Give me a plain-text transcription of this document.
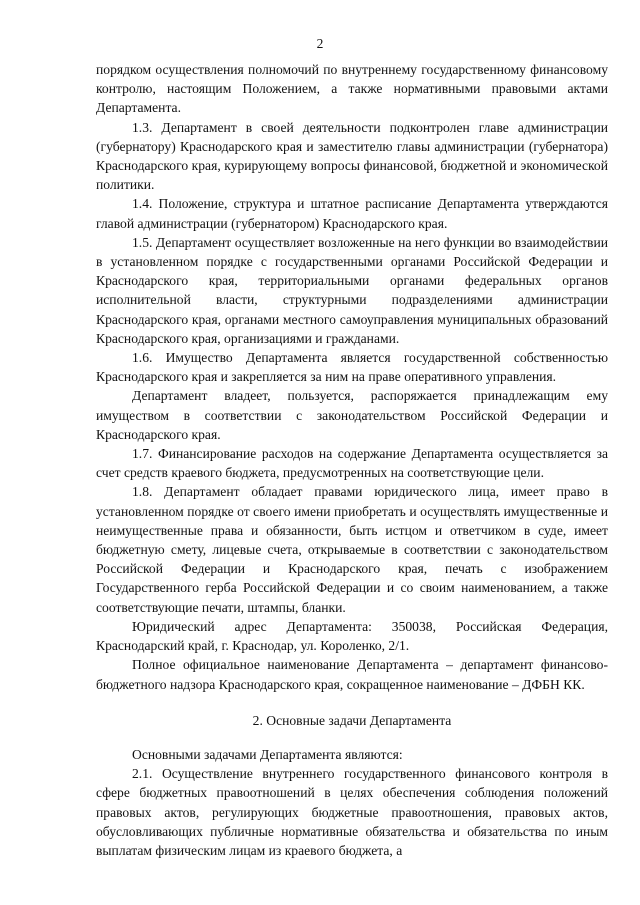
2

порядком осуществления полномочий по внутреннему государственному финансовому контролю, настоящим Положением, а также нормативными правовыми актами Департамента.

1.3. Департамент в своей деятельности подконтролен главе администрации (губернатору) Краснодарского края и заместителю главы администрации (губернатора) Краснодарского края, курирующему вопросы финансовой, бюджетной и экономической политики.

1.4. Положение, структура и штатное расписание Департамента утверждаются главой администрации (губернатором) Краснодарского края.

1.5. Департамент осуществляет возложенные на него функции во взаимодействии в установленном порядке с государственными органами Российской Федерации и Краснодарского края, территориальными органами федеральных органов исполнительной власти, структурными подразделениями администрации Краснодарского края, органами местного самоуправления муниципальных образований Краснодарского края, организациями и гражданами.

1.6. Имущество Департамента является государственной собственностью Краснодарского края и закрепляется за ним на праве оперативного управления.

Департамент владеет, пользуется, распоряжается принадлежащим ему имуществом в соответствии с законодательством Российской Федерации и Краснодарского края.

1.7. Финансирование расходов на содержание Департамента осуществляется за счет средств краевого бюджета, предусмотренных на соответствующие цели.

1.8. Департамент обладает правами юридического лица, имеет право в установленном порядке от своего имени приобретать и осуществлять имущественные и неимущественные права и обязанности, быть истцом и ответчиком в суде, имеет бюджетную смету, лицевые счета, открываемые в соответствии с законодательством Российской Федерации и Краснодарского края, печать с изображением Государственного герба Российской Федерации и со своим наименованием, а также соответствующие печати, штампы, бланки.

Юридический адрес Департамента: 350038, Российская Федерация, Краснодарский край, г. Краснодар, ул. Короленко, 2/1.

Полное официальное наименование Департамента – департамент финансово-бюджетного надзора Краснодарского края, сокращенное наименование – ДФБН КК.

2. Основные задачи Департамента

Основными задачами Департамента являются:

2.1. Осуществление внутреннего государственного финансового контроля в сфере бюджетных правоотношений в целях обеспечения соблюдения положений правовых актов, регулирующих бюджетные правоотношения, правовых актов, обусловливающих публичные нормативные обязательства и обязательства по иным выплатам физическим лицам из краевого бюджета, а
